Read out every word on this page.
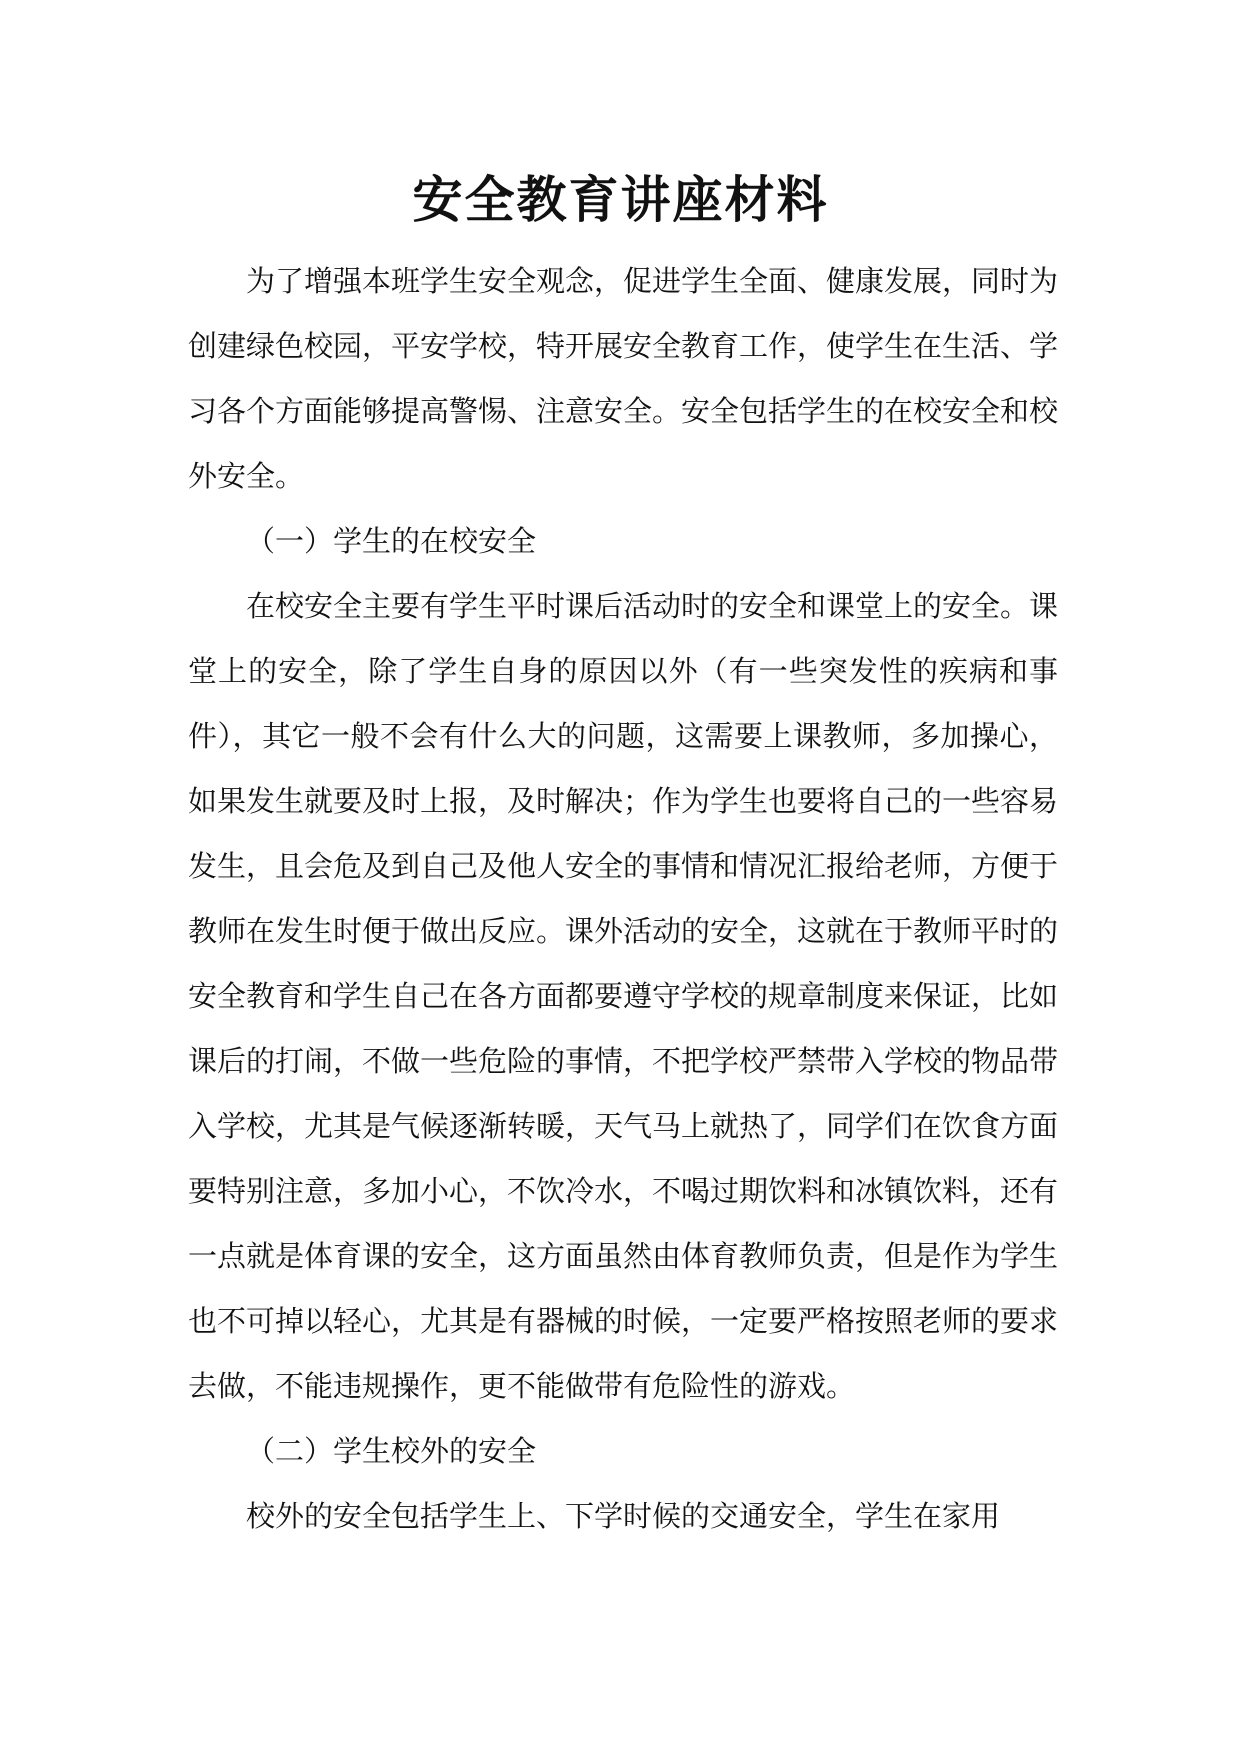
安全教育讲座材料

为了增强本班学生安全观念，促进学生全面、健康发展，同时为创建绿色校园，平安学校，特开展安全教育工作，使学生在生活、学习各个方面能够提高警惕、注意安全。安全包括学生的在校安全和校外安全。

（一）学生的在校安全

在校安全主要有学生平时课后活动时的安全和课堂上的安全。课堂上的安全，除了学生自身的原因以外（有一些突发性的疾病和事件），其它一般不会有什么大的问题，这需要上课教师，多加操心，如果发生就要及时上报，及时解决；作为学生也要将自己的一些容易发生，且会危及到自己及他人安全的事情和情况汇报给老师，方便于教师在发生时便于做出反应。课外活动的安全，这就在于教师平时的安全教育和学生自己在各方面都要遵守学校的规章制度来保证，比如课后的打闹，不做一些危险的事情，不把学校严禁带入学校的物品带入学校，尤其是气候逐渐转暖，天气马上就热了，同学们在饮食方面要特别注意，多加小心，不饮冷水，不喝过期饮料和冰镇饮料，还有一点就是体育课的安全，这方面虽然由体育教师负责，但是作为学生也不可掉以轻心，尤其是有器械的时候，一定要严格按照老师的要求去做，不能违规操作，更不能做带有危险性的游戏。

（二）学生校外的安全

校外的安全包括学生上、下学时候的交通安全，学生在家用
